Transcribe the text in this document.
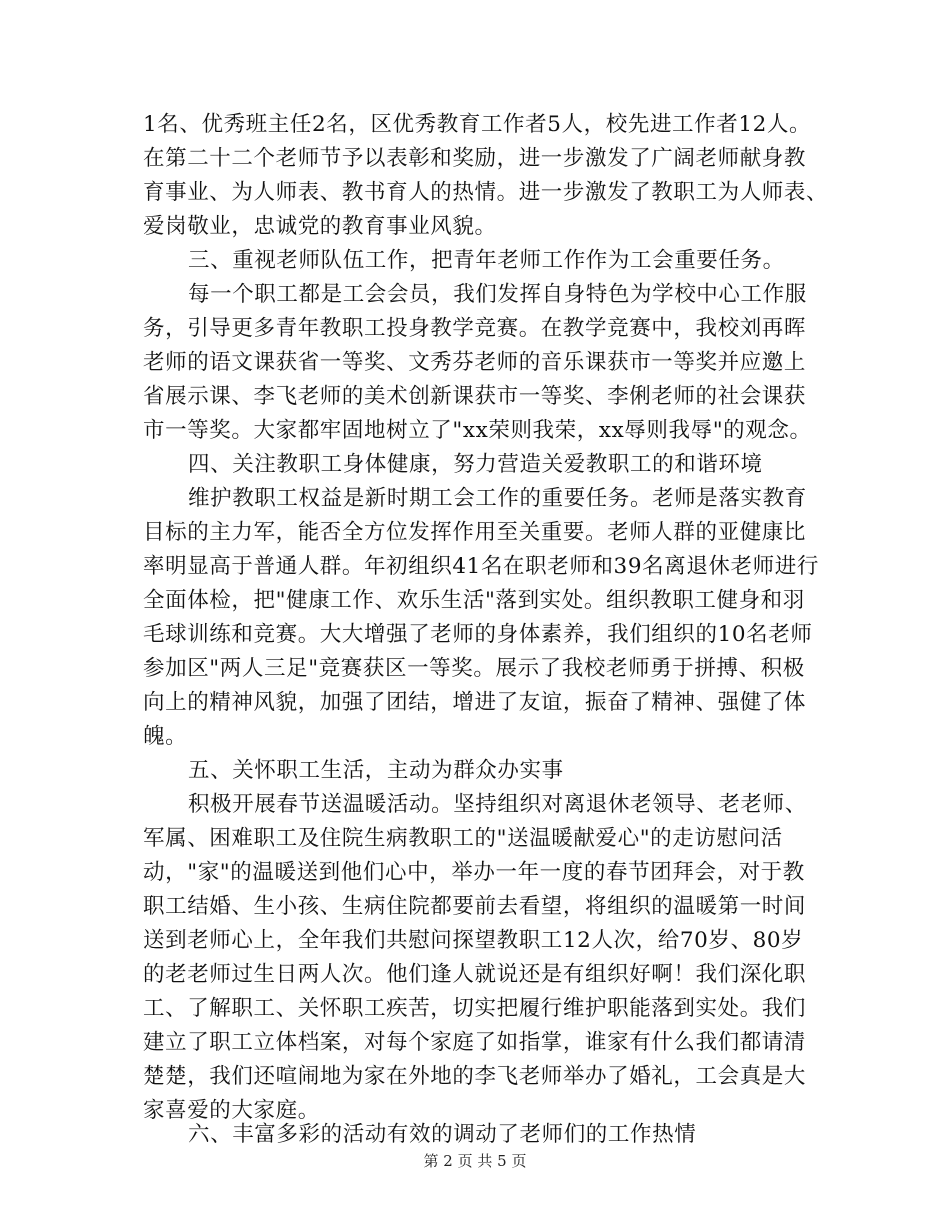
1名、优秀班主任2名，区优秀教育工作者5人，校先进工作者12人。
在第二十二个老师节予以表彰和奖励，进一步激发了广阔老师献身教
育事业、为人师表、教书育人的热情。进一步激发了教职工为人师表、
爱岗敬业，忠诚党的教育事业风貌。
三、重视老师队伍工作，把青年老师工作作为工会重要任务。
每一个职工都是工会会员，我们发挥自身特色为学校中心工作服
务，引导更多青年教职工投身教学竞赛。在教学竞赛中，我校刘再晖
老师的语文课获省一等奖、文秀芬老师的音乐课获市一等奖并应邀上
省展示课、李飞老师的美术创新课获市一等奖、李俐老师的社会课获
市一等奖。大家都牢固地树立了"xx荣则我荣，xx辱则我辱"的观念。
四、关注教职工身体健康，努力营造关爱教职工的和谐环境
维护教职工权益是新时期工会工作的重要任务。老师是落实教育
目标的主力军，能否全方位发挥作用至关重要。老师人群的亚健康比
率明显高于普通人群。年初组织41名在职老师和39名离退休老师进行
全面体检，把"健康工作、欢乐生活"落到实处。组织教职工健身和羽
毛球训练和竞赛。大大增强了老师的身体素养，我们组织的10名老师
参加区"两人三足"竞赛获区一等奖。展示了我校老师勇于拼搏、积极
向上的精神风貌，加强了团结，增进了友谊，振奋了精神、强健了体
魄。
五、关怀职工生活，主动为群众办实事
积极开展春节送温暖活动。坚持组织对离退休老领导、老老师、
军属、困难职工及住院生病教职工的"送温暖献爱心"的走访慰问活
动，"家"的温暖送到他们心中，举办一年一度的春节团拜会，对于教
职工结婚、生小孩、生病住院都要前去看望，将组织的温暖第一时间
送到老师心上，全年我们共慰问探望教职工12人次，给70岁、80岁
的老老师过生日两人次。他们逢人就说还是有组织好啊！我们深化职
工、了解职工、关怀职工疾苦，切实把履行维护职能落到实处。我们
建立了职工立体档案，对每个家庭了如指掌，谁家有什么我们都请清
楚楚，我们还喧闹地为家在外地的李飞老师举办了婚礼，工会真是大
家喜爱的大家庭。
六、丰富多彩的活动有效的调动了老师们的工作热情
第 2 页 共 5 页
